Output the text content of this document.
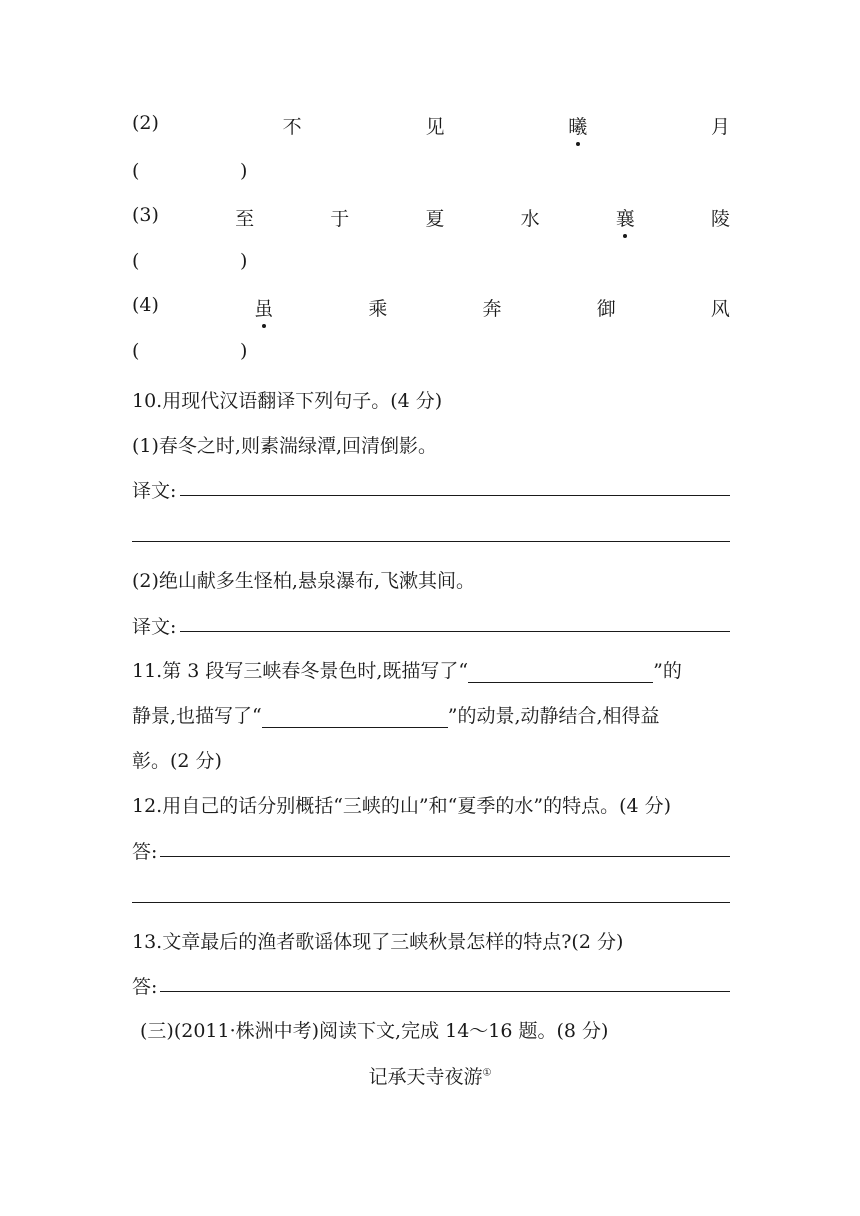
(2)	不	见	曦	月
(	)
(3)	至	于	夏	水	襄	陵
(	)
(4)	虽	乘	奔	御	风
(	)
10.用现代汉语翻译下列句子。(4 分)
(1)春冬之时,则素湍绿潭,回清倒影。
译文:
(2)绝山献多生怪柏,悬泉瀑布,飞漱其间。
译文:
11.第 3 段写三峡春冬景色时,既描写了“	”的
静景,也描写了“	”的动景,动静结合,相得益
彰。(2 分)
12.用自己的话分别概括“三峡的山”和“夏季的水”的特点。(4 分)
答:
13.文章最后的渔者歌谣体现了三峡秋景怎样的特点?(2 分)
答:
(三)(2011·株洲中考)阅读下文,完成 14～16 题。(8 分)
记承天寺夜游①
